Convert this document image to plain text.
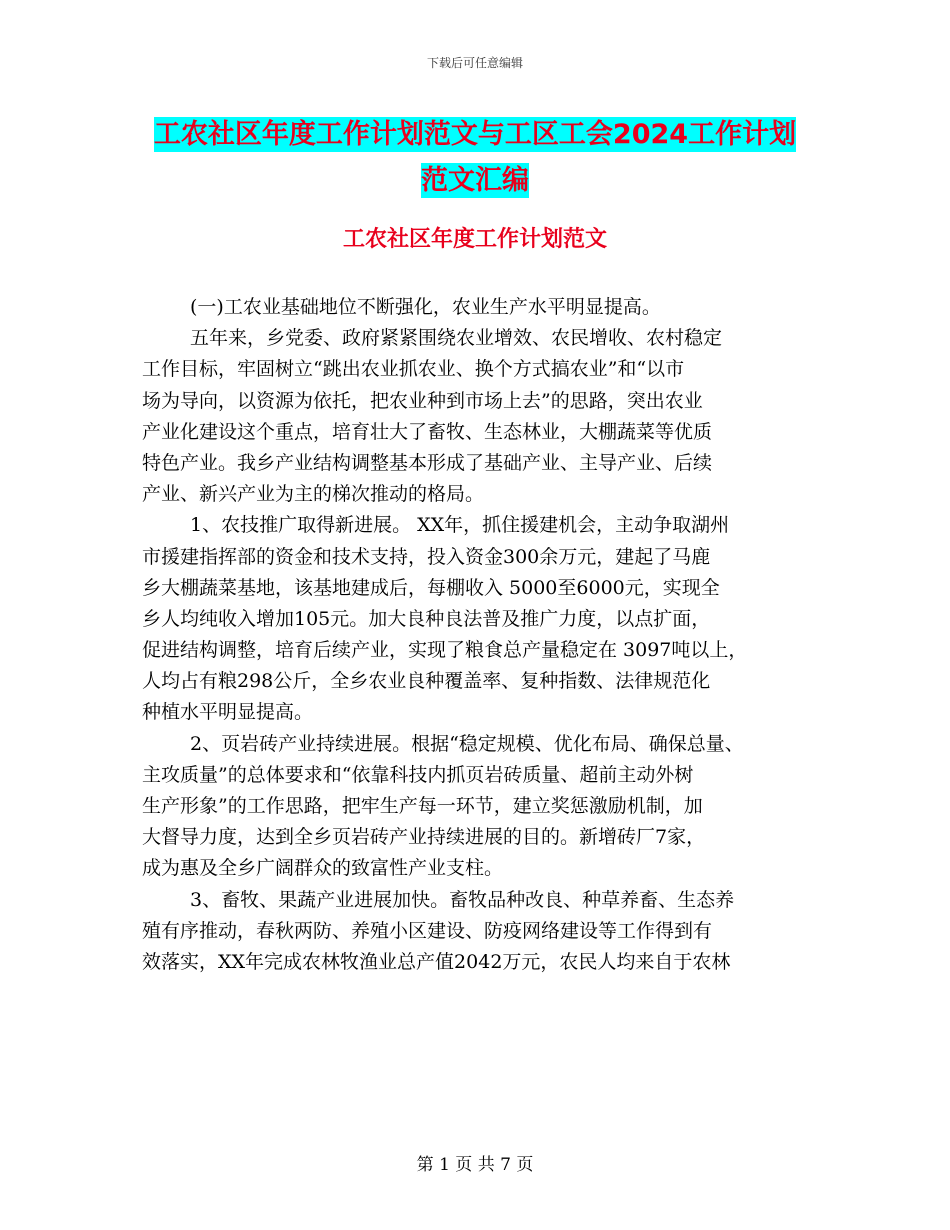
下载后可任意编辑
工农社区年度工作计划范文与工区工会2024工作计划
范文汇编
工农社区年度工作计划范文
(一)工农业基础地位不断强化，农业生产水平明显提高。
五年来，乡党委、政府紧紧围绕农业增效、农民增收、农村稳定
工作目标，牢固树立“跳出农业抓农业、换个方式搞农业”和“以市
场为导向，以资源为依托，把农业种到市场上去”的思路，突出农业
产业化建设这个重点，培育壮大了畜牧、生态林业，大棚蔬菜等优质
特色产业。我乡产业结构调整基本形成了基础产业、主导产业、后续
产业、新兴产业为主的梯次推动的格局。
1、农技推广取得新进展。 XX年，抓住援建机会，主动争取湖州
市援建指挥部的资金和技术支持，投入资金300余万元，建起了马鹿
乡大棚蔬菜基地，该基地建成后，每棚收入 5000至6000元，实现全
乡人均纯收入增加105元。加大良种良法普及推广力度，以点扩面，
促进结构调整，培育后续产业，实现了粮食总产量稳定在 3097吨以上，
人均占有粮298公斤，全乡农业良种覆盖率、复种指数、法律规范化
种植水平明显提高。
2、页岩砖产业持续进展。根据“稳定规模、优化布局、确保总量、
主攻质量”的总体要求和“依靠科技内抓页岩砖质量、超前主动外树
生产形象”的工作思路，把牢生产每一环节，建立奖惩激励机制，加
大督导力度，达到全乡页岩砖产业持续进展的目的。新增砖厂7家，
成为惠及全乡广阔群众的致富性产业支柱。
3、畜牧、果蔬产业进展加快。畜牧品种改良、种草养畜、生态养
殖有序推动，春秋两防、养殖小区建设、防疫网络建设等工作得到有
效落实，XX年完成农林牧渔业总产值2042万元，农民人均来自于农林
第 1 页 共 7 页
